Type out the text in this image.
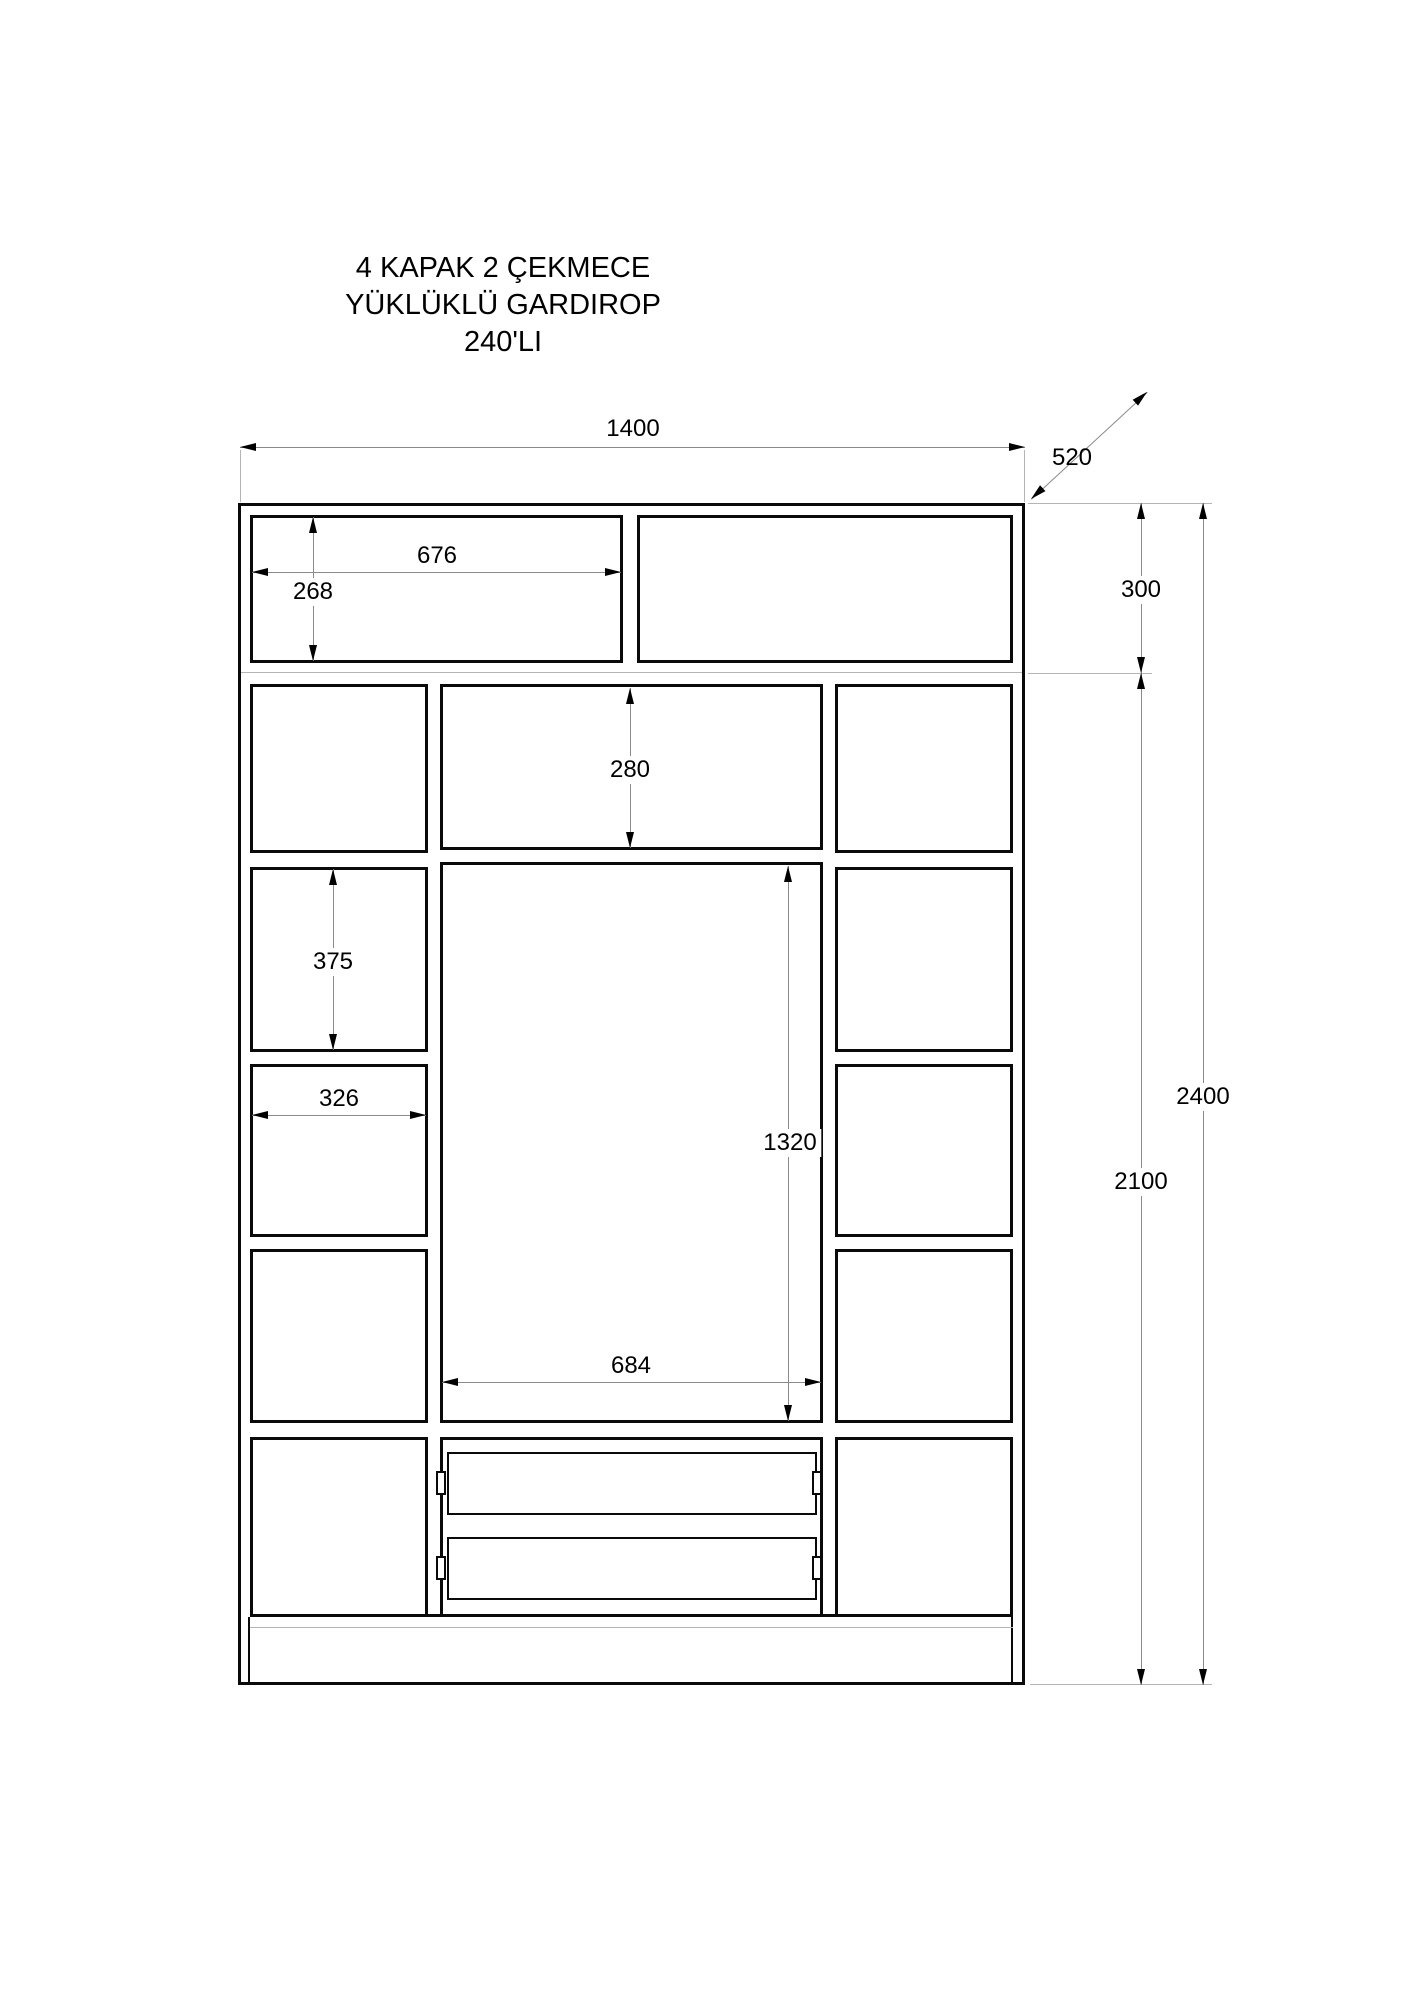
4 KAPAK 2 ÇEKMECE
YÜKLÜKLÜ GARDIROP
240'LI
1400
520
268
676
280
375
326
1320
684
300
2100
2400
